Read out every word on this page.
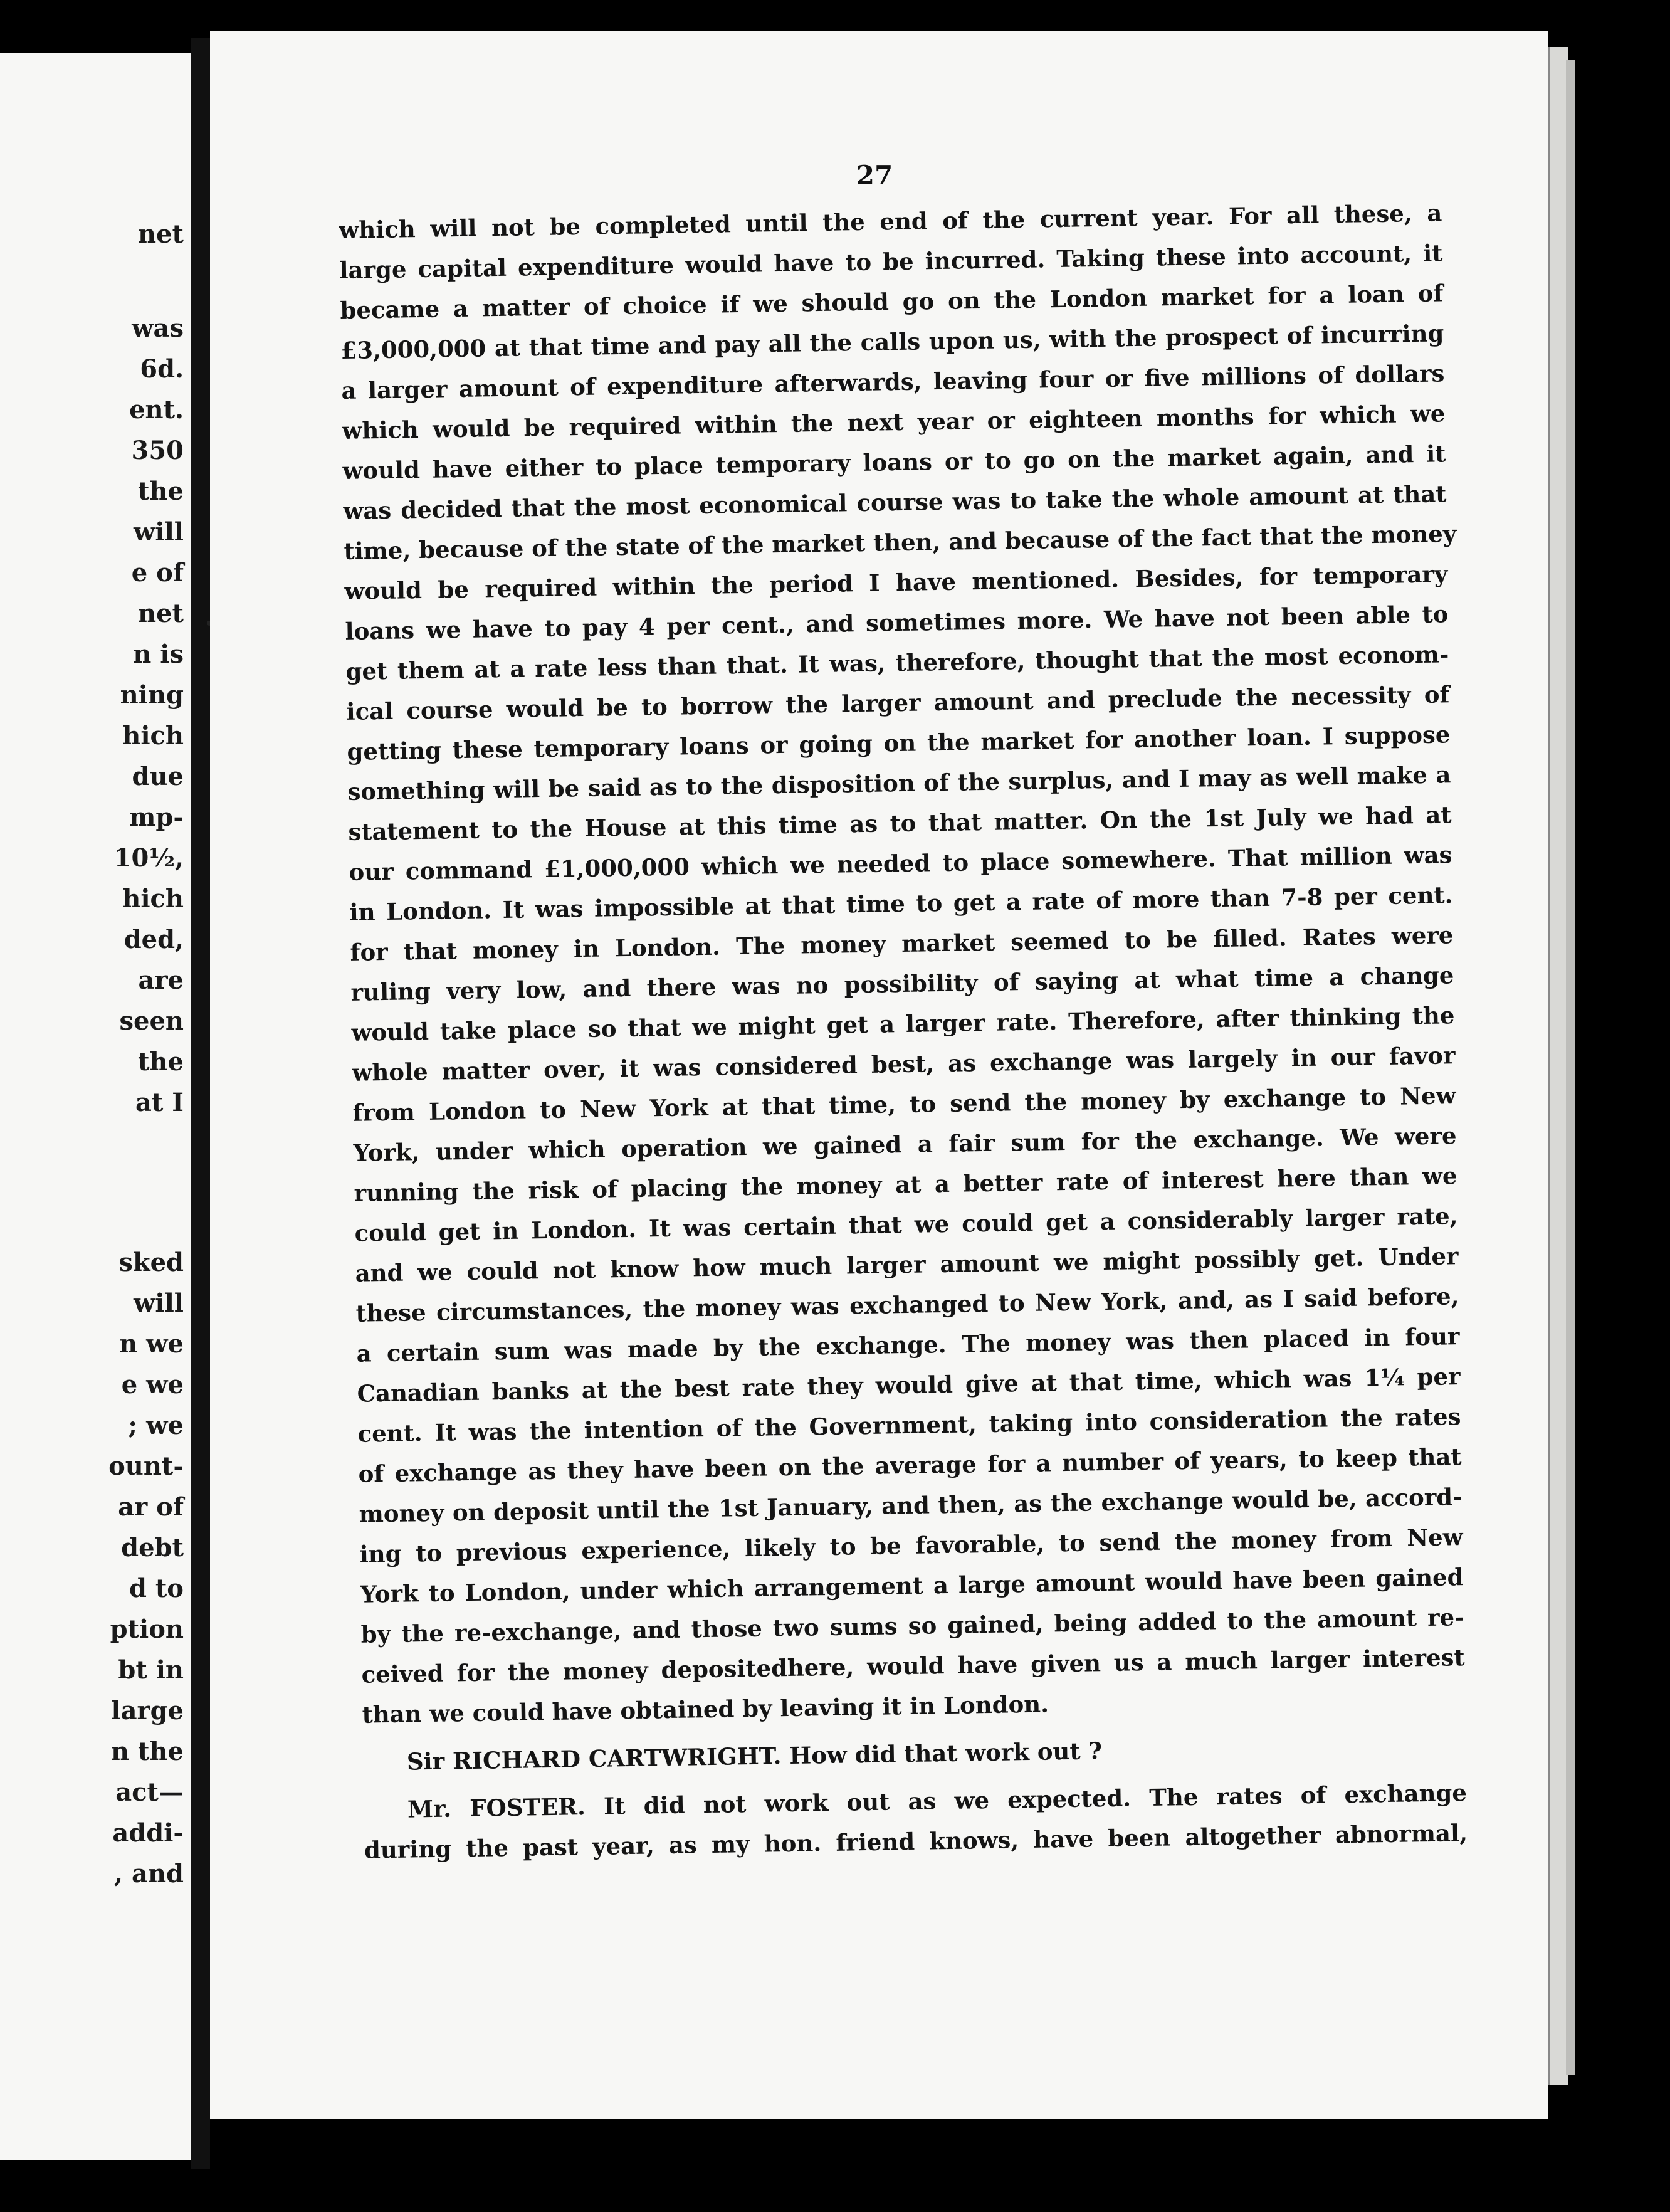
net

was

6d.

ent.

350

the

will

e of

net

n is

ning

hich

due

mp-

10½,

hich

ded,

are

seen

the

at I

sked

will

n we

e we

; we

ount-

ar of

debt

d to

ption

bt in

large

n the

act—

addi-

, and

27

which will not be completed until the end of the current year. For all these, a

large capital expenditure would have to be incurred. Taking these into account, it

became a matter of choice if we should go on the London market for a loan of

£3,000,000 at that time and pay all the calls upon us, with the prospect of incurring

a larger amount of expenditure afterwards, leaving four or five millions of dollars

which would be required within the next year or eighteen months for which we

would have either to place temporary loans or to go on the market again, and it

was decided that the most economical course was to take the whole amount at that

time, because of the state of the market then, and because of the fact that the money

would be required within the period I have mentioned. Besides, for temporary

loans we have to pay 4 per cent., and sometimes more. We have not been able to

get them at a rate less than that. It was, therefore, thought that the most econom-

ical course would be to borrow the larger amount and preclude the necessity of

getting these temporary loans or going on the market for another loan. I suppose

something will be said as to the disposition of the surplus, and I may as well make a

statement to the House at this time as to that matter. On the 1st July we had at

our command £1,000,000 which we needed to place somewhere. That million was

in London. It was impossible at that time to get a rate of more than 7-8 per cent.

for that money in London. The money market seemed to be filled. Rates were

ruling very low, and there was no possibility of saying at what time a change

would take place so that we might get a larger rate. Therefore, after thinking the

whole matter over, it was considered best, as exchange was largely in our favor

from London to New York at that time, to send the money by exchange to New

York, under which operation we gained a fair sum for the exchange. We were

running the risk of placing the money at a better rate of interest here than we

could get in London. It was certain that we could get a considerably larger rate,

and we could not know how much larger amount we might possibly get. Under

these circumstances, the money was exchanged to New York, and, as I said before,

a certain sum was made by the exchange. The money was then placed in four

Canadian banks at the best rate they would give at that time, which was 1¼ per

cent. It was the intention of the Government, taking into consideration the rates

of exchange as they have been on the average for a number of years, to keep that

money on deposit until the 1st January, and then, as the exchange would be, accord-

ing to previous experience, likely to be favorable, to send the money from New

York to London, under which arrangement a large amount would have been gained

by the re-exchange, and those two sums so gained, being added to the amount re-

ceived for the money depositedhere, would have given us a much larger interest

than we could have obtained by leaving it in London.

Sir RICHARD CARTWRIGHT. How did that work out ?

Mr. FOSTER. It did not work out as we expected. The rates of exchange

during the past year, as my hon. friend knows, have been altogether abnormal,
